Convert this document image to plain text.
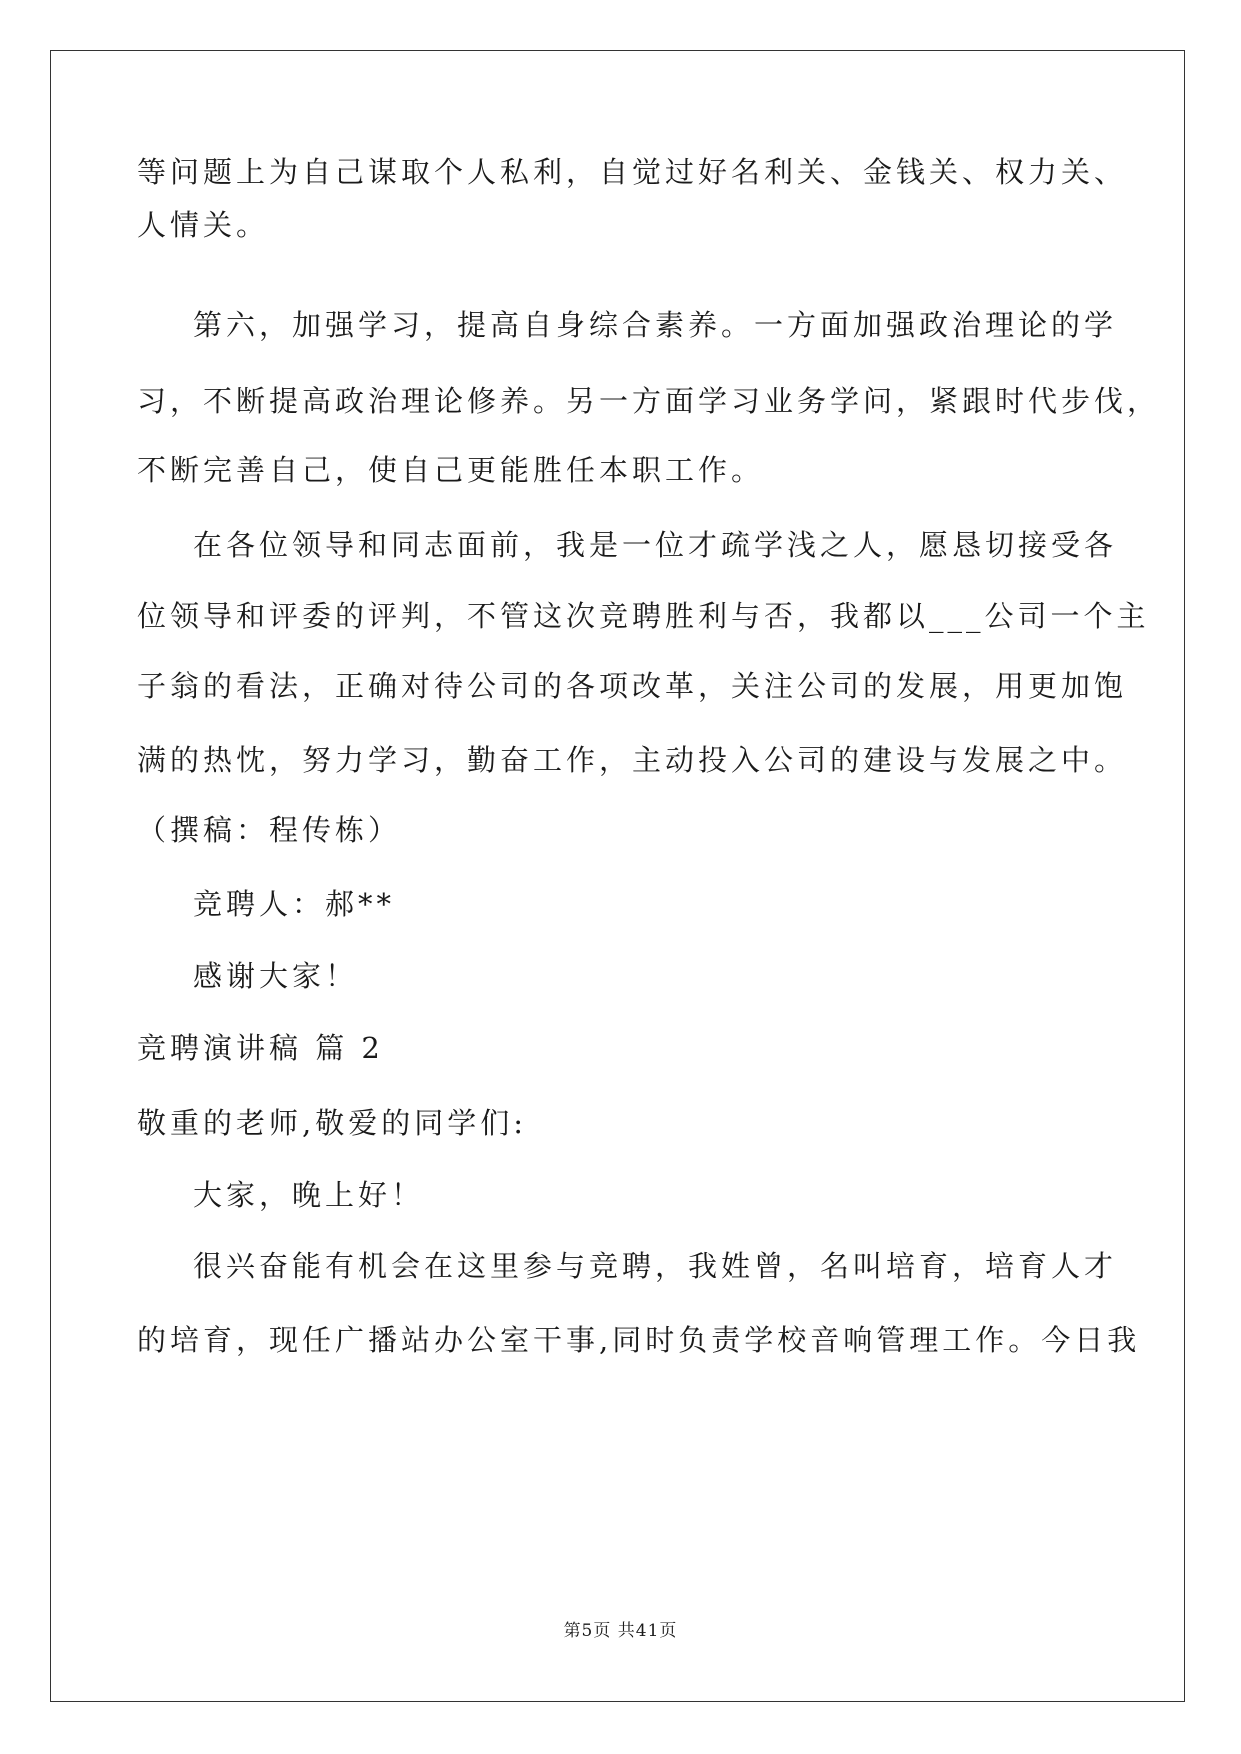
等问题上为自己谋取个人私利，自觉过好名利关、金钱关、权力关、

人情关。

第六，加强学习，提高自身综合素养。一方面加强政治理论的学

习，不断提高政治理论修养。另一方面学习业务学问，紧跟时代步伐，

不断完善自己，使自己更能胜任本职工作。

在各位领导和同志面前，我是一位才疏学浅之人，愿恳切接受各

位领导和评委的评判，不管这次竞聘胜利与否，我都以___公司一个主

子翁的看法，正确对待公司的各项改革，关注公司的发展，用更加饱

满的热忱，努力学习，勤奋工作，主动投入公司的建设与发展之中。

（撰稿：程传栋）

竞聘人：郝**

感谢大家！

竞聘演讲稿 篇 2

敬重的老师,敬爱的同学们:

大家，晚上好！

很兴奋能有机会在这里参与竞聘，我姓曾，名叫培育，培育人才

的培育，现任广播站办公室干事,同时负责学校音响管理工作。今日我

第5页 共41页
